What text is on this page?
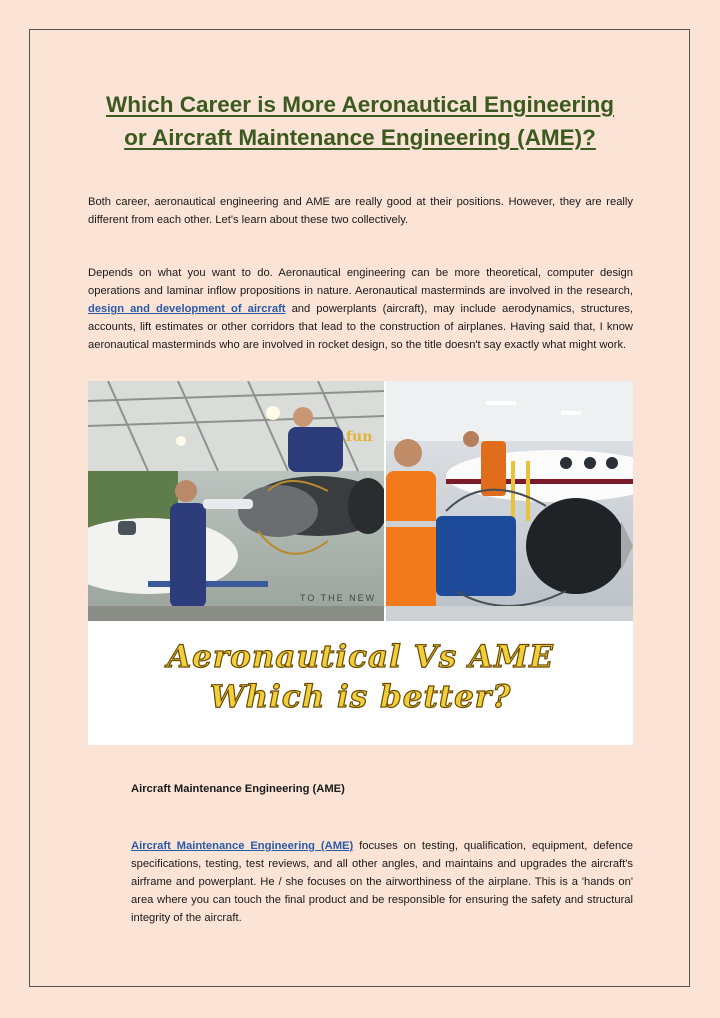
Which Career is More Aeronautical Engineering
or Aircraft Maintenance Engineering (AME)?

Both career, aeronautical engineering and AME are really good at their positions. However, they are really different from each other. Let's learn about these two collectively.

Depends on what you want to do. Aeronautical engineering can be more theoretical, computer design operations and laminar inflow propositions in nature. Aeronautical masterminds are involved in the research, design and development of aircraft and powerplants (aircraft), may include aerodynamics, structures, accounts, lift estimates or other corridors that lead to the construction of airplanes. Having said that, I know aeronautical masterminds who are involved in rocket design, so the title doesn't say exactly what might work.

fun
TO THE NEW
Aeronautical Vs AME
Which is better?
Aircraft Maintenance Engineering (AME)

Aircraft Maintenance Engineering (AME) focuses on testing, qualification, equipment, defence specifications, testing, test reviews, and all other angles, and maintains and upgrades the aircraft's airframe and powerplant. He / she focuses on the airworthiness of the airplane. This is a 'hands on' area where you can touch the final product and be responsible for ensuring the safety and structural integrity of the aircraft.
